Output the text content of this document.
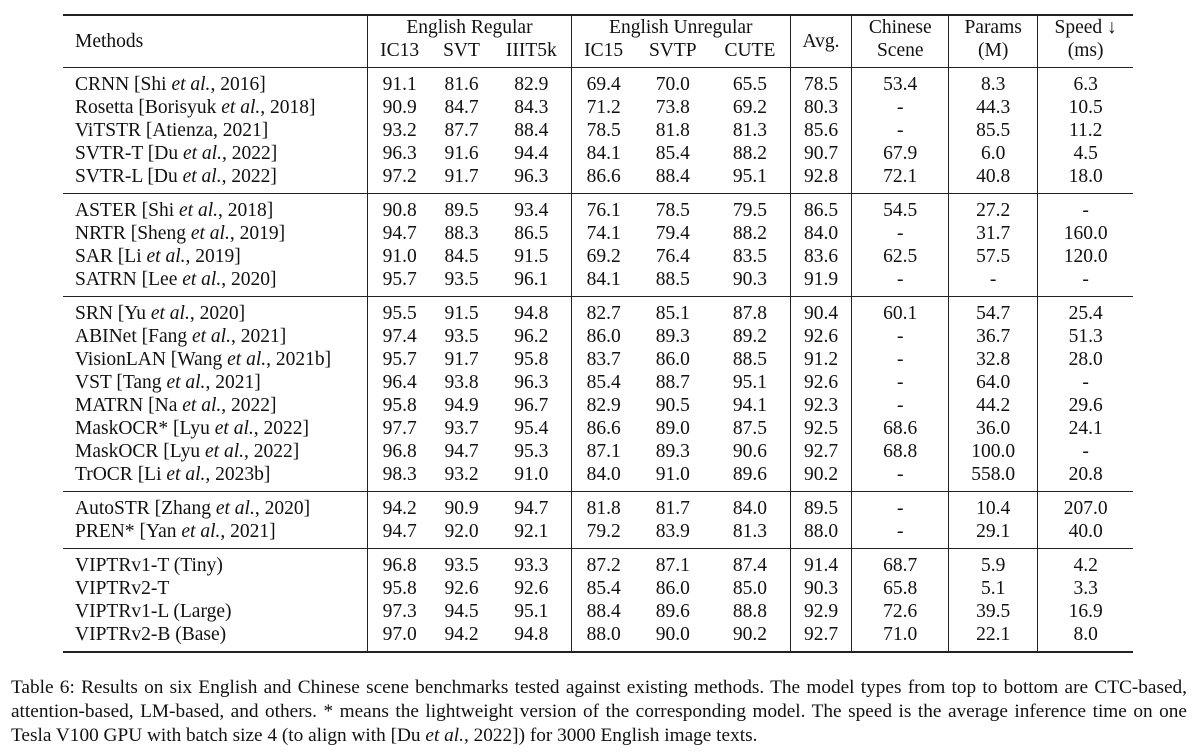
Methods	English Regular			English Unregular			Avg.	Chinese	Params	Speed ↓
	IC13	SVT	IIIT5k	IC15	SVTP	CUTE		Scene	(M)	(ms)
CRNN [Shi et al., 2016]	91.1	81.6	82.9	69.4	70.0	65.5	78.5	53.4	8.3	6.3
Rosetta [Borisyuk et al., 2018]	90.9	84.7	84.3	71.2	73.8	69.2	80.3	-	44.3	10.5
ViTSTR [Atienza, 2021]	93.2	87.7	88.4	78.5	81.8	81.3	85.6	-	85.5	11.2
SVTR-T [Du et al., 2022]	96.3	91.6	94.4	84.1	85.4	88.2	90.7	67.9	6.0	4.5
SVTR-L [Du et al., 2022]	97.2	91.7	96.3	86.6	88.4	95.1	92.8	72.1	40.8	18.0
ASTER [Shi et al., 2018]	90.8	89.5	93.4	76.1	78.5	79.5	86.5	54.5	27.2	-
NRTR [Sheng et al., 2019]	94.7	88.3	86.5	74.1	79.4	88.2	84.0	-	31.7	160.0
SAR [Li et al., 2019]	91.0	84.5	91.5	69.2	76.4	83.5	83.6	62.5	57.5	120.0
SATRN [Lee et al., 2020]	95.7	93.5	96.1	84.1	88.5	90.3	91.9	-	-	-
SRN [Yu et al., 2020]	95.5	91.5	94.8	82.7	85.1	87.8	90.4	60.1	54.7	25.4
ABINet [Fang et al., 2021]	97.4	93.5	96.2	86.0	89.3	89.2	92.6	-	36.7	51.3
VisionLAN [Wang et al., 2021b]	95.7	91.7	95.8	83.7	86.0	88.5	91.2	-	32.8	28.0
VST [Tang et al., 2021]	96.4	93.8	96.3	85.4	88.7	95.1	92.6	-	64.0	-
MATRN [Na et al., 2022]	95.8	94.9	96.7	82.9	90.5	94.1	92.3	-	44.2	29.6
MaskOCR* [Lyu et al., 2022]	97.7	93.7	95.4	86.6	89.0	87.5	92.5	68.6	36.0	24.1
MaskOCR [Lyu et al., 2022]	96.8	94.7	95.3	87.1	89.3	90.6	92.7	68.8	100.0	-
TrOCR [Li et al., 2023b]	98.3	93.2	91.0	84.0	91.0	89.6	90.2	-	558.0	20.8
AutoSTR [Zhang et al., 2020]	94.2	90.9	94.7	81.8	81.7	84.0	89.5	-	10.4	207.0
PREN* [Yan et al., 2021]	94.7	92.0	92.1	79.2	83.9	81.3	88.0	-	29.1	40.0
VIPTRv1-T (Tiny)	96.8	93.5	93.3	87.2	87.1	87.4	91.4	68.7	5.9	4.2
VIPTRv2-T	95.8	92.6	92.6	85.4	86.0	85.0	90.3	65.8	5.1	3.3
VIPTRv1-L (Large)	97.3	94.5	95.1	88.4	89.6	88.8	92.9	72.6	39.5	16.9
VIPTRv2-B (Base)	97.0	94.2	94.8	88.0	90.0	90.2	92.7	71.0	22.1	8.0
Table 6: Results on six English and Chinese scene benchmarks tested against existing methods. The model types from top to bottom are CTC-based, attention-based, LM-based, and others. * means the lightweight version of the corresponding model. The speed is the average inference time on one Tesla V100 GPU with batch size 4 (to align with [Du et al., 2022]) for 3000 English image texts.
